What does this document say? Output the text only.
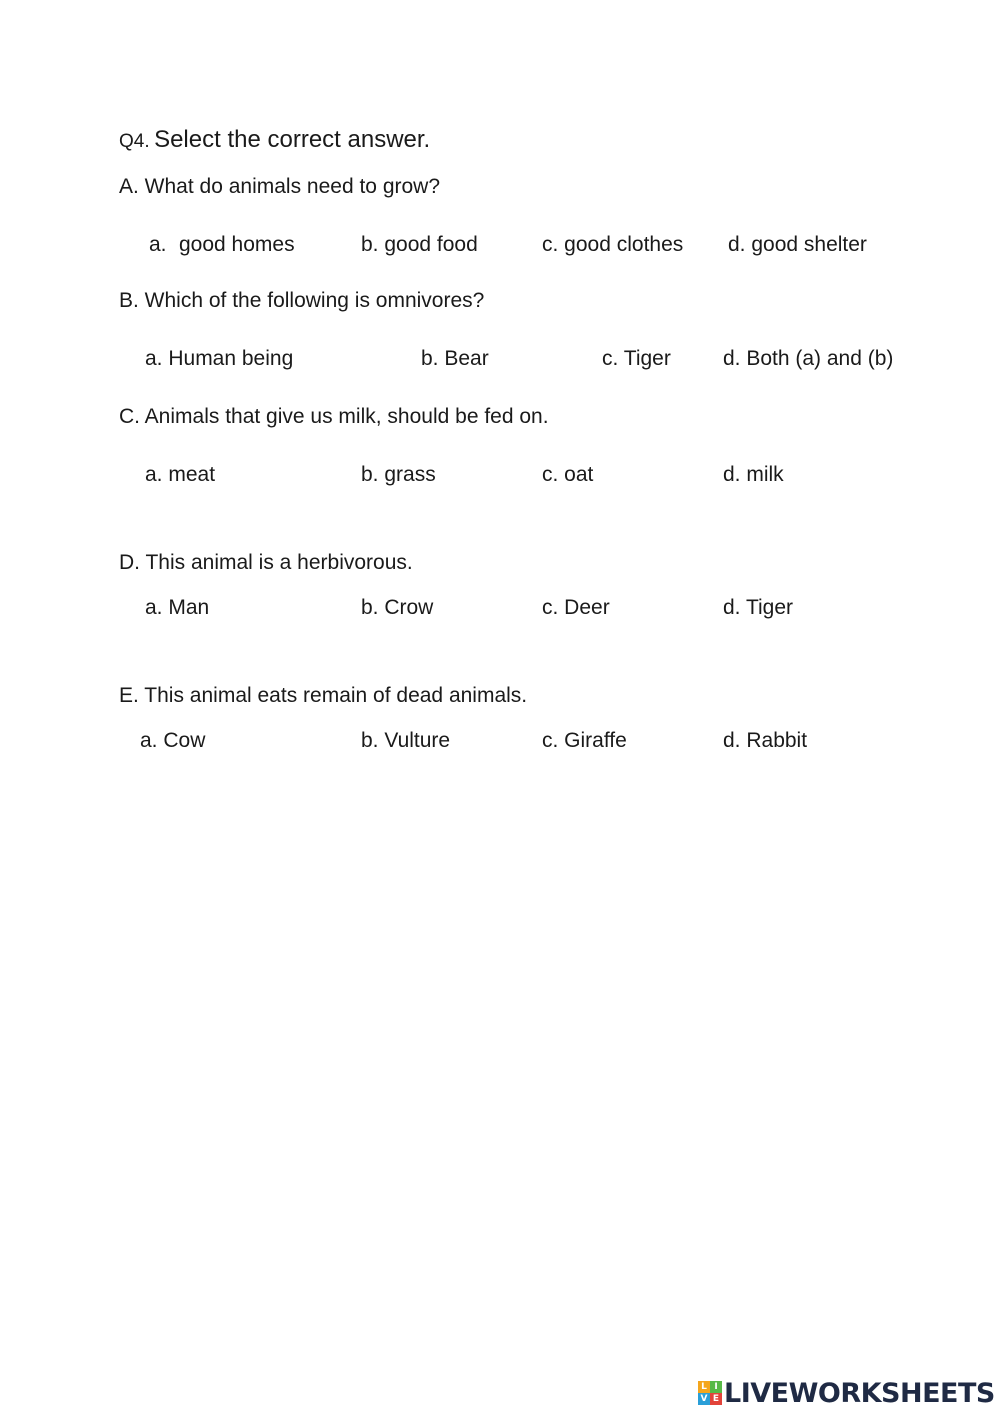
Q4. Select the correct answer.
A. What do animals need to grow?
a. good homes	b. good food	c. good clothes d. good shelter
B. Which of the following is omnivores?
a. Human being	b. Bear	c. Tiger d. Both (a) and (b)
C. Animals that give us milk, should be fed on.
a. meat	b. grass	c. oat	d. milk
D. This animal is a herbivorous.
a. Man	b. Crow	c. Deer	d. Tiger
E. This animal eats remain of dead animals.
a. Cow	b. Vulture	c. Giraffe	d. Rabbit
L I
V E LIVEWORKSHEETS
